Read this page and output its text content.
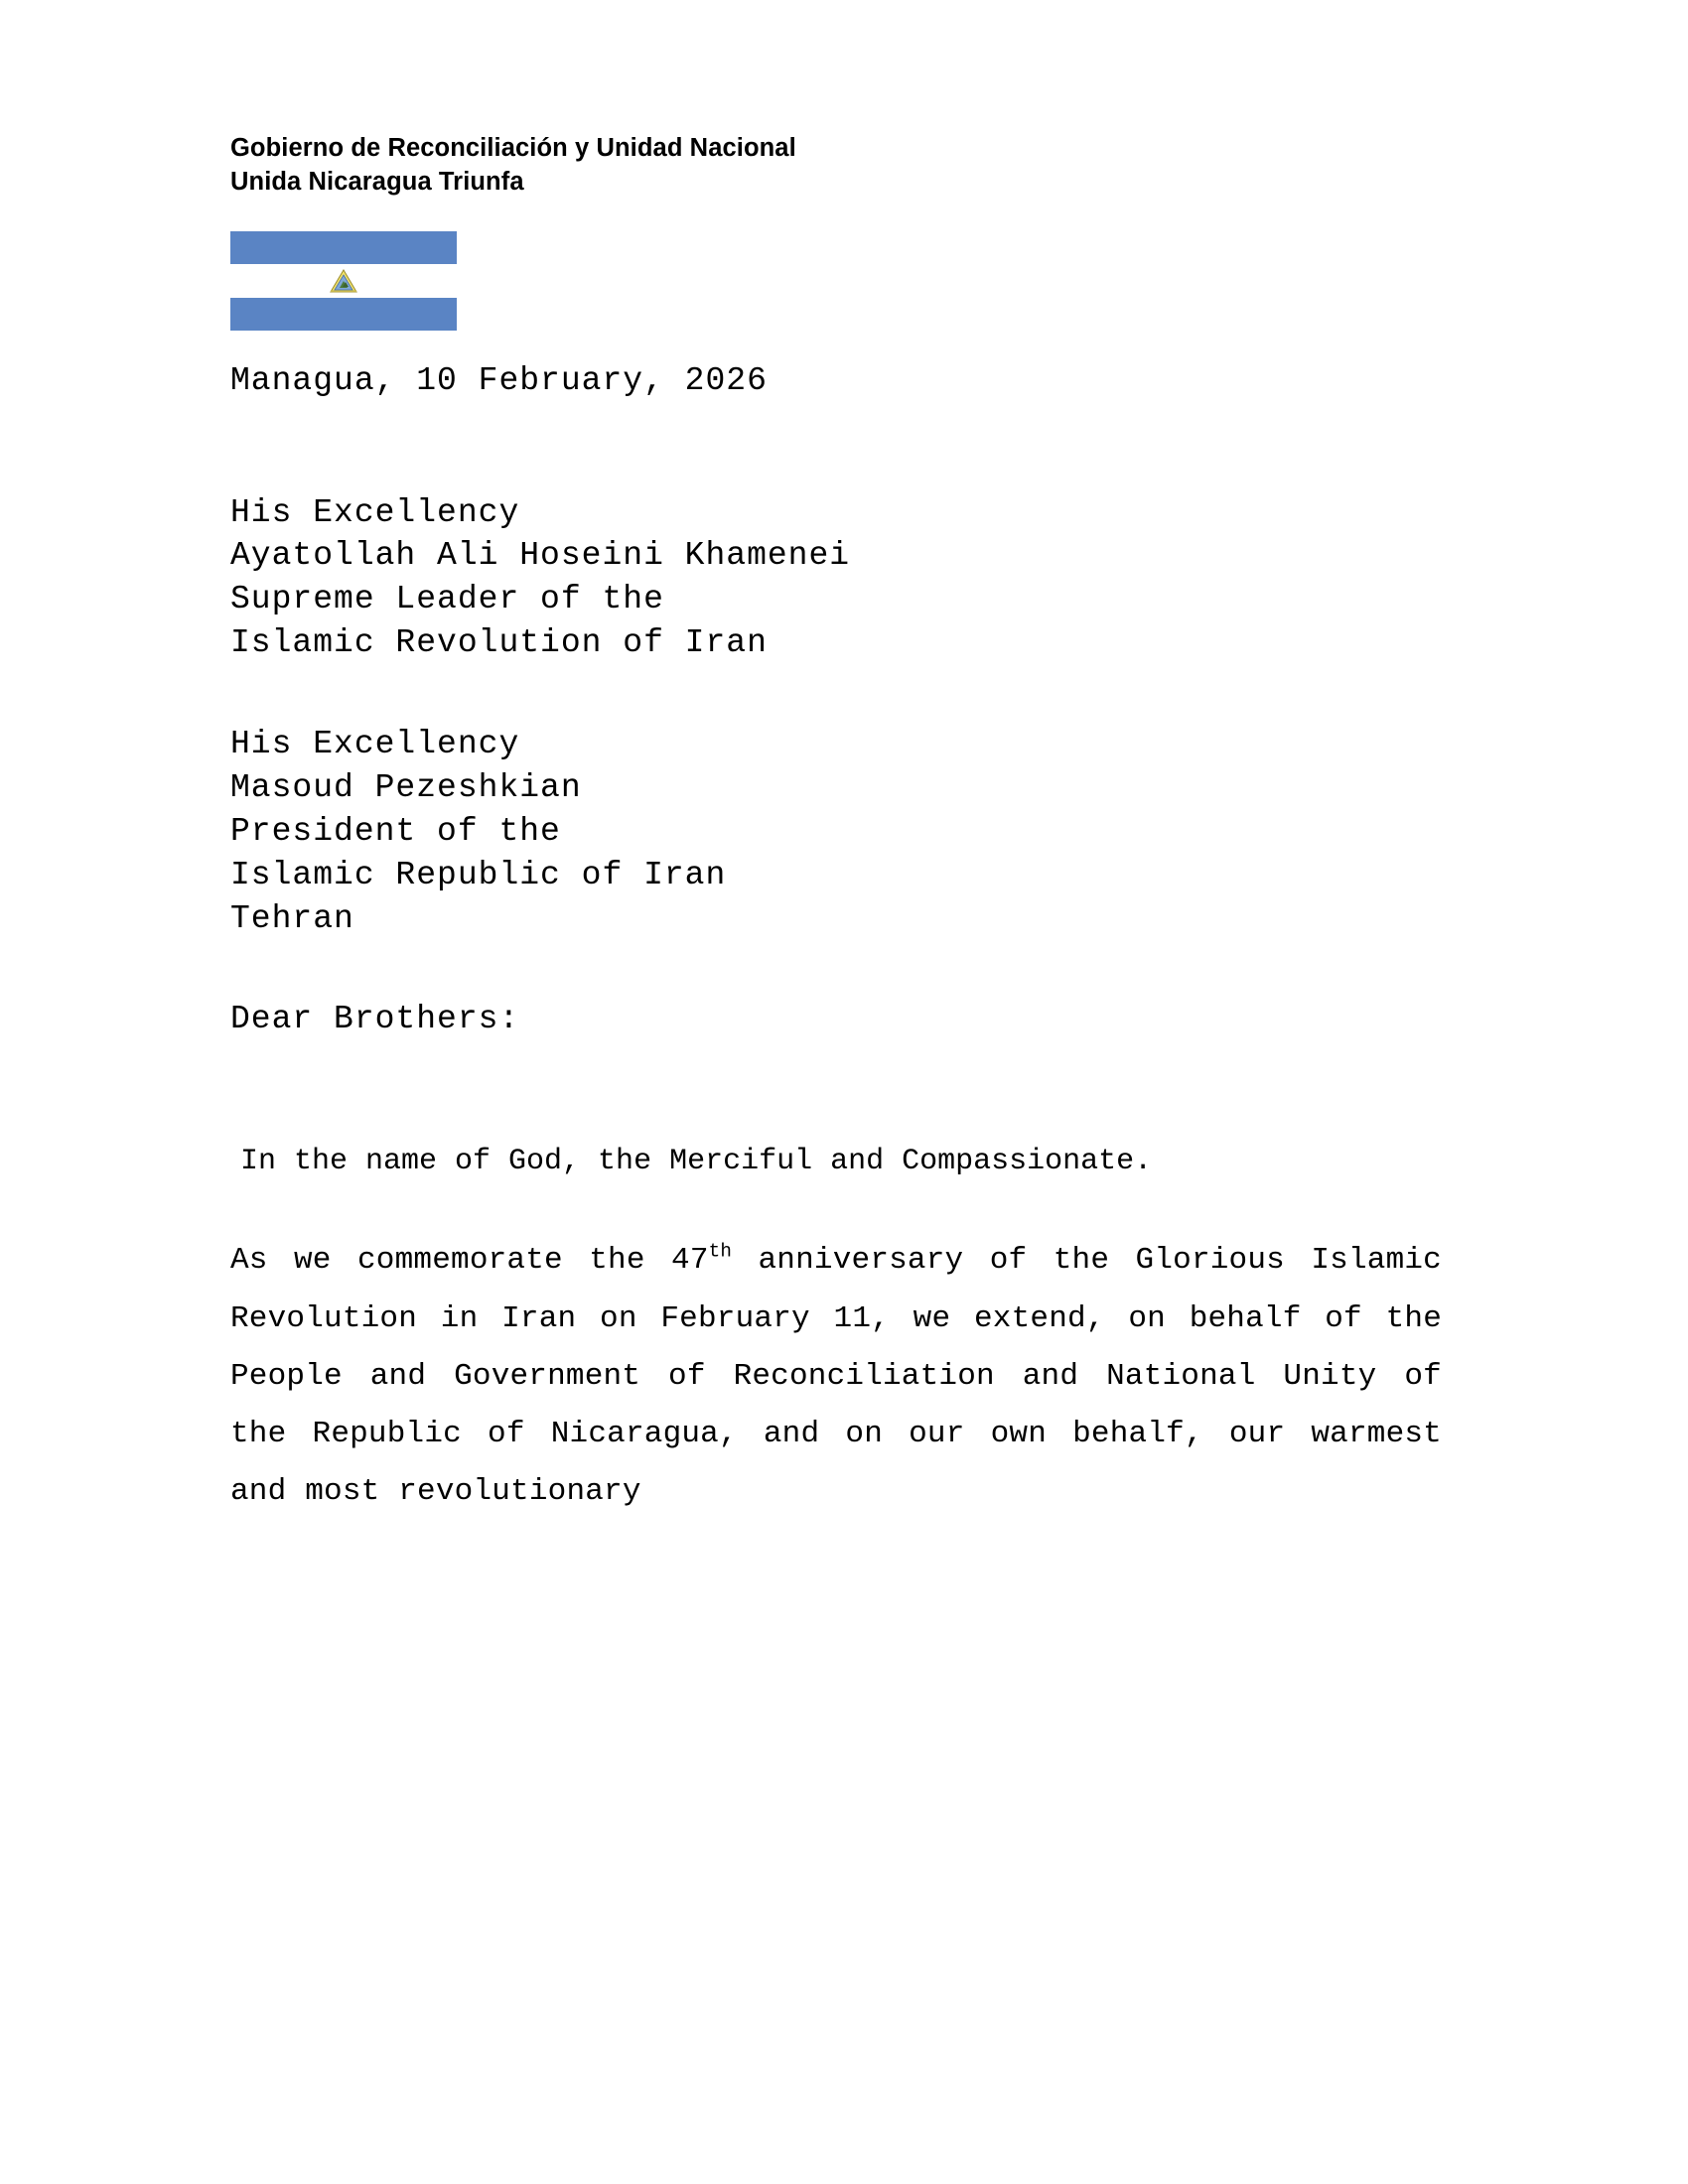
Gobierno de Reconciliación y Unidad Nacional
Unida Nicaragua Triunfa

Managua, 10 February, 2026

His Excellency
Ayatollah Ali Hoseini Khamenei
Supreme Leader of the
Islamic Revolution of Iran
His Excellency
Masoud Pezeshkian
President of the
Islamic Republic of Iran
Tehran

Dear Brothers:

In the name of God, the Merciful and Compassionate.

As we commemorate the 47th anniversary of the Glorious Islamic Revolution in Iran on February 11, we extend, on behalf of the People and Government of Reconciliation and National Unity of the Republic of Nicaragua, and on our own behalf, our warmest and most revolutionary
